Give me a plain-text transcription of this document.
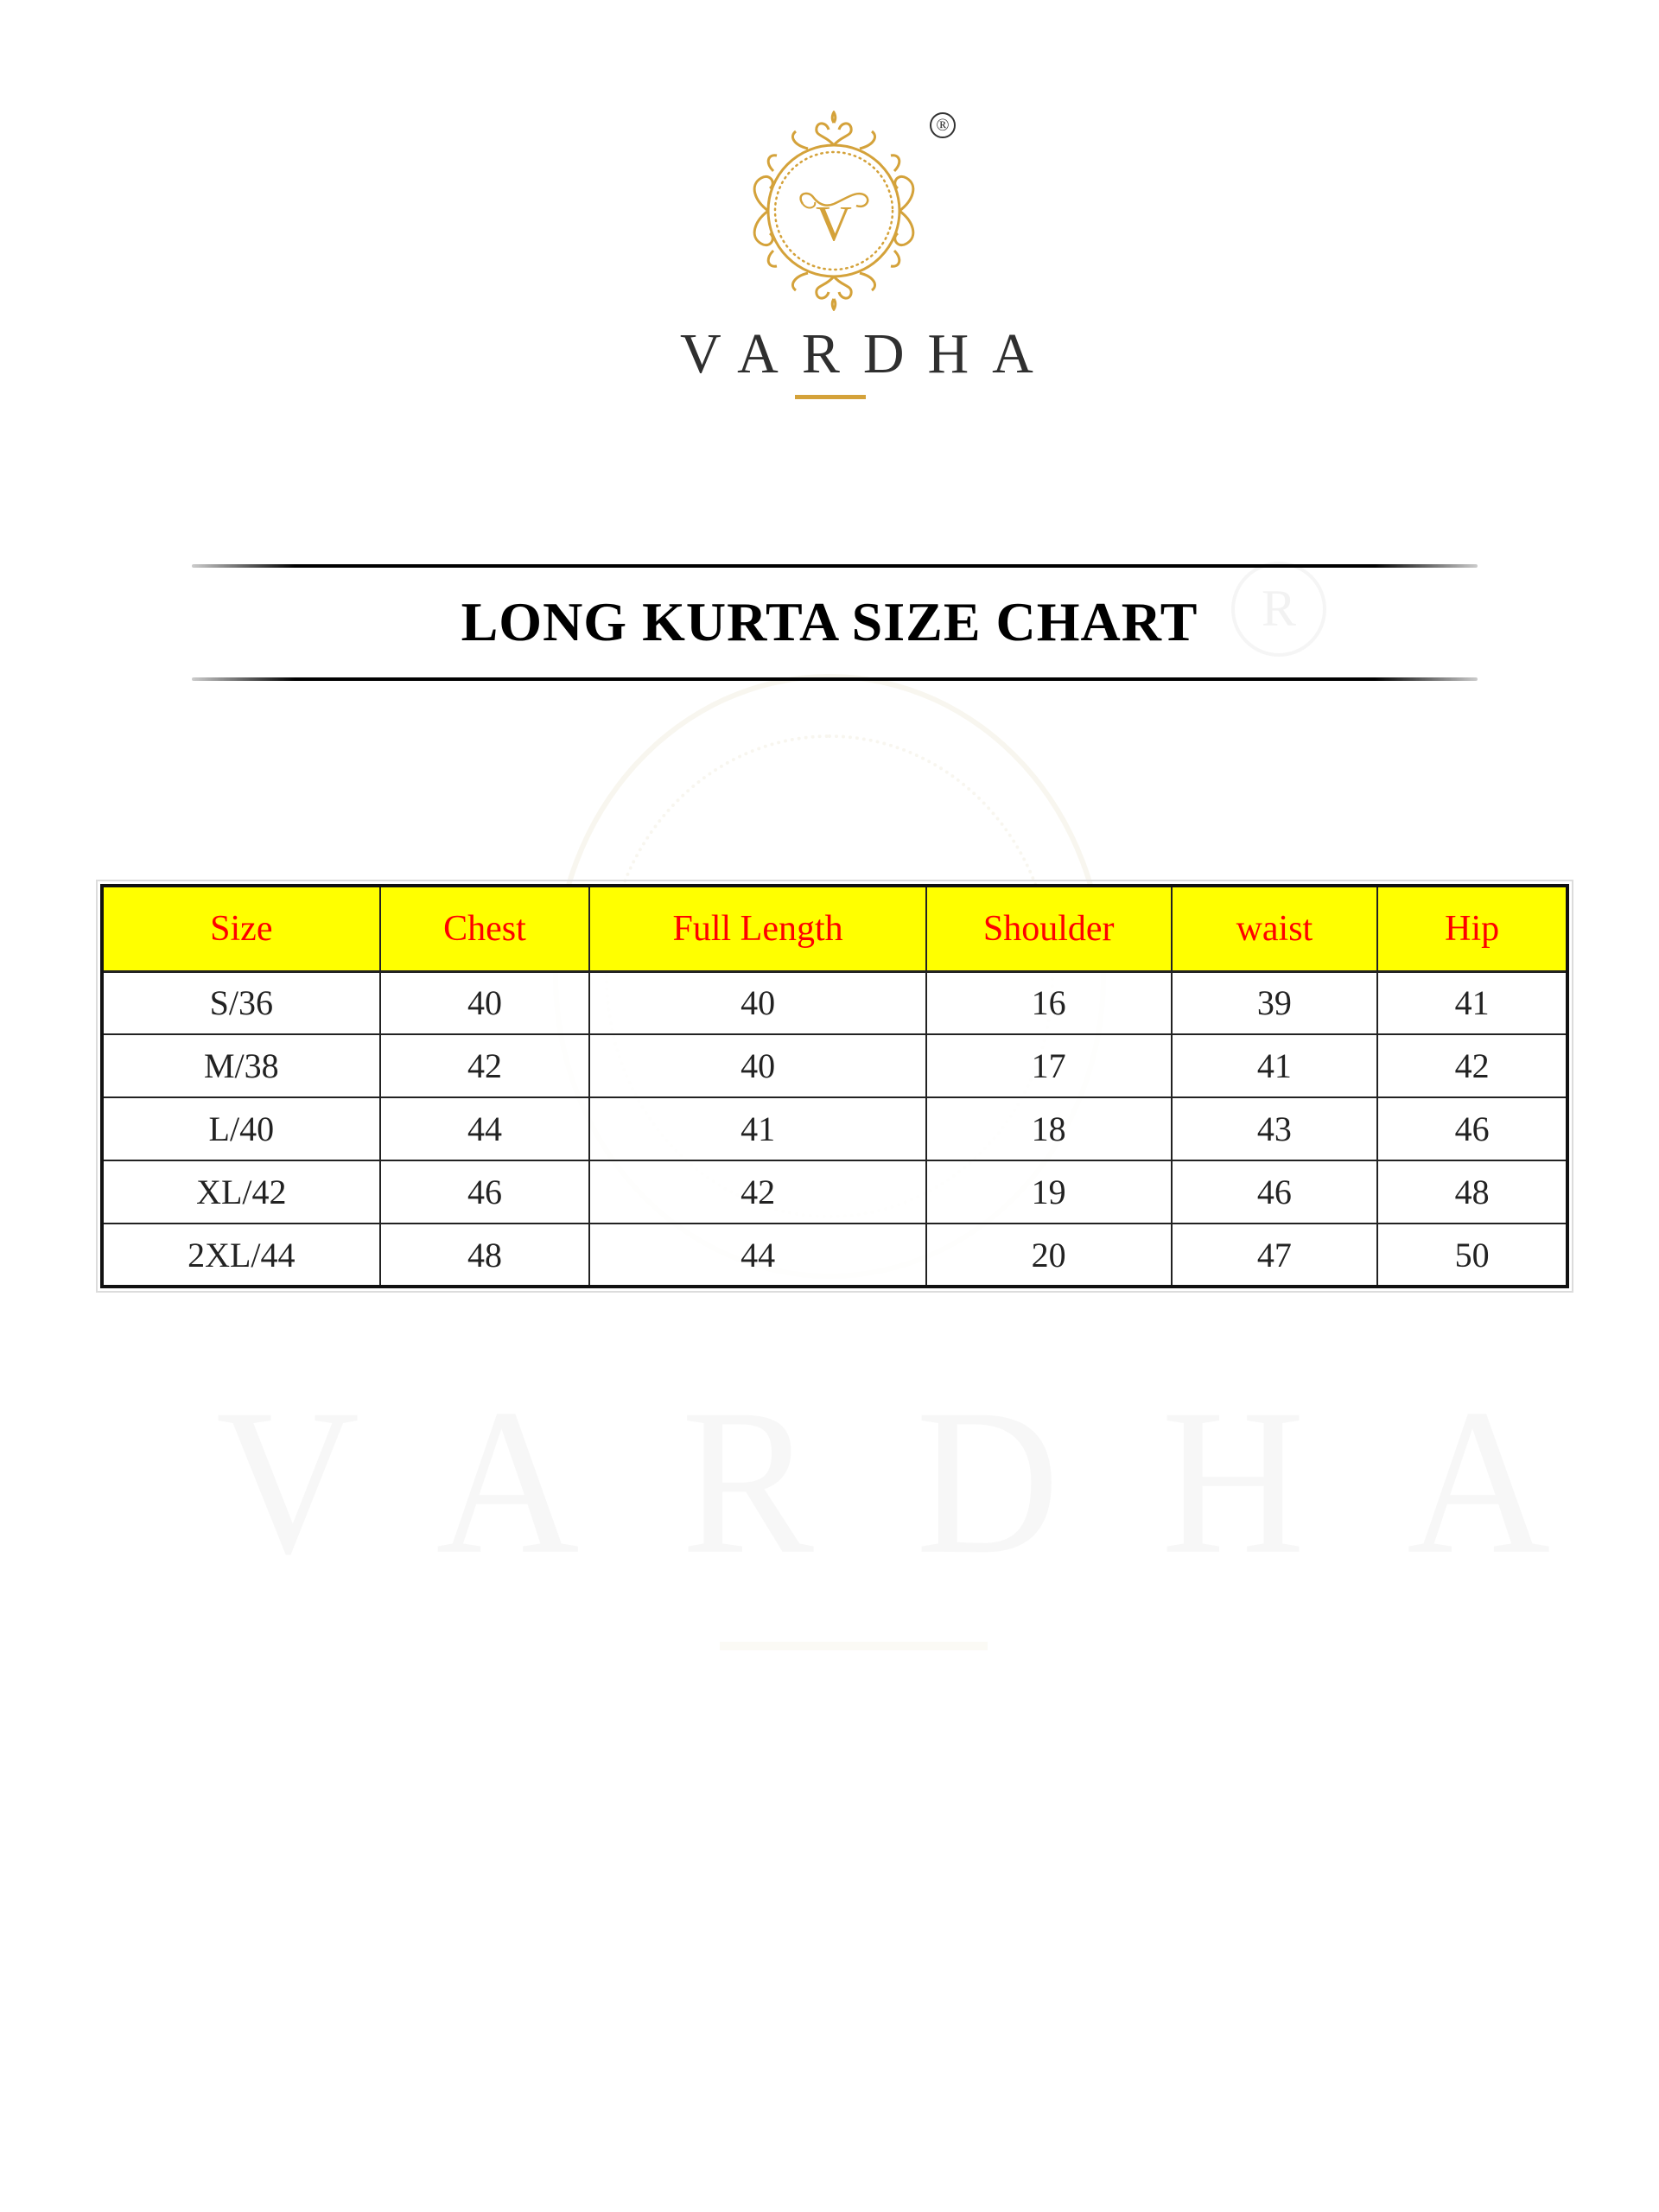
R
VARDHA
V
®
VARDHA
LONG KURTA SIZE CHART
Size	Chest	Full Length	Shoulder	waist	Hip
S/36	40	40	16	39	41
M/38	42	40	17	41	42
L/40	44	41	18	43	46
XL/42	46	42	19	46	48
2XL/44	48	44	20	47	50
